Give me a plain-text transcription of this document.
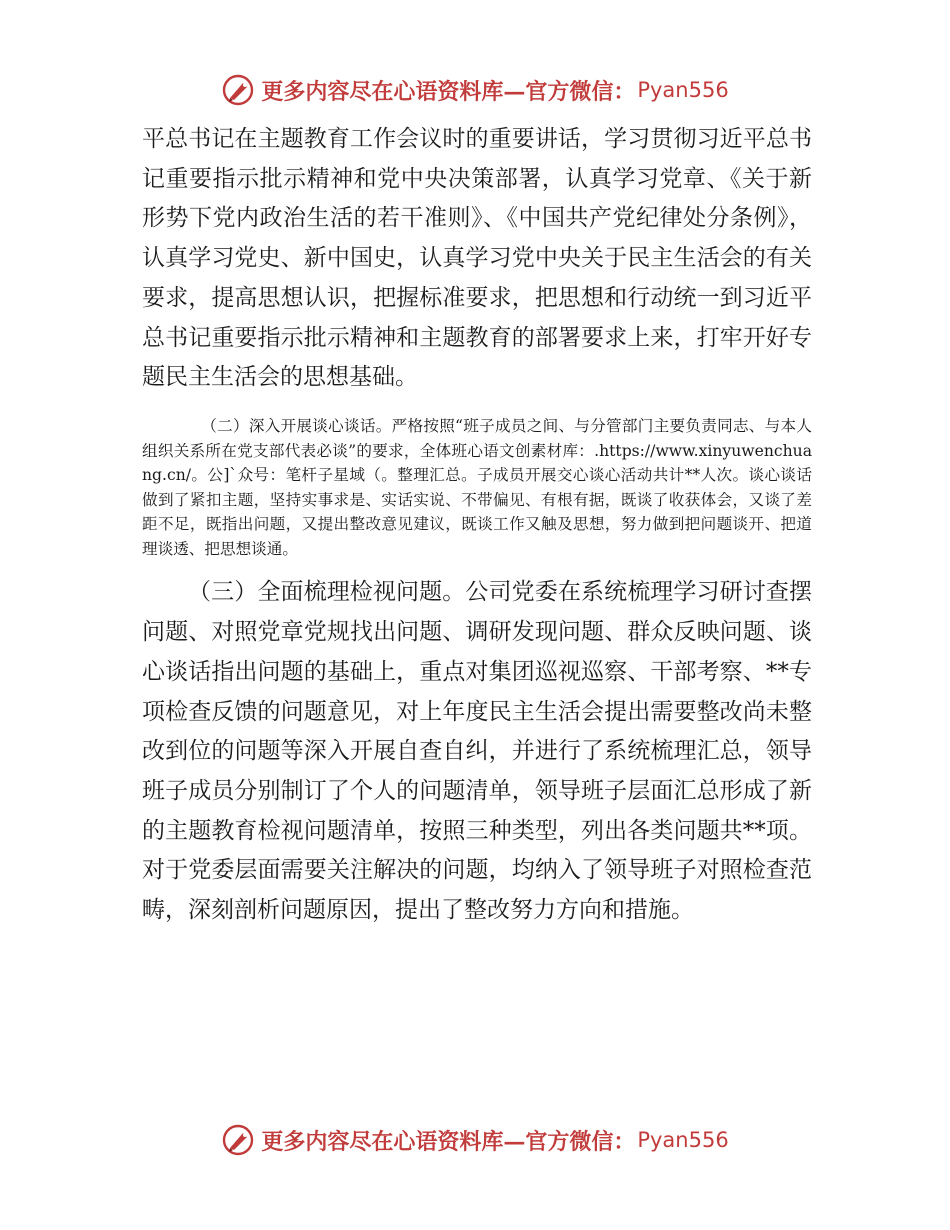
更多内容尽在心语资料库—官方微信： Pyan556

平总书记在主题教育工作会议时的重要讲话，学习贯彻习近平总书记重要指示批示精神和党中央决策部署，认真学习党章、《关于新形势下党内政治生活的若干准则》、《中国共产党纪律处分条例》，认真学习党史、新中国史，认真学习党中央关于民主生活会的有关要求，提高思想认识，把握标准要求，把思想和行动统一到习近平总书记重要指示批示精神和主题教育的部署要求上来，打牢开好专题民主生活会的思想基础。

（二）深入开展谈心谈话。严格按照“班子成员之间、与分管部门主要负责同志、与本人组织关系所在党支部代表必谈”的要求，全体班心语文创素材库：.https://www.xinyuwenchuang.cn/。公]`众号：笔杆子星域（。整理汇总。子成员开展交心谈心活动共计**人次。谈心谈话做到了紧扣主题，坚持实事求是、实话实说、不带偏见、有根有据，既谈了收获体会，又谈了差距不足，既指出问题，又提出整改意见建议，既谈工作又触及思想，努力做到把问题谈开、把道理谈透、把思想谈通。

（三）全面梳理检视问题。公司党委在系统梳理学习研讨查摆问题、对照党章党规找出问题、调研发现问题、群众反映问题、谈心谈话指出问题的基础上，重点对集团巡视巡察、干部考察、**专项检查反馈的问题意见，对上年度民主生活会提出需要整改尚未整改到位的问题等深入开展自查自纠，并进行了系统梳理汇总，领导班子成员分别制订了个人的问题清单，领导班子层面汇总形成了新的主题教育检视问题清单，按照三种类型，列出各类问题共**项。对于党委层面需要关注解决的问题，均纳入了领导班子对照检查范畴，深刻剖析问题原因，提出了整改努力方向和措施。

更多内容尽在心语资料库—官方微信： Pyan556
